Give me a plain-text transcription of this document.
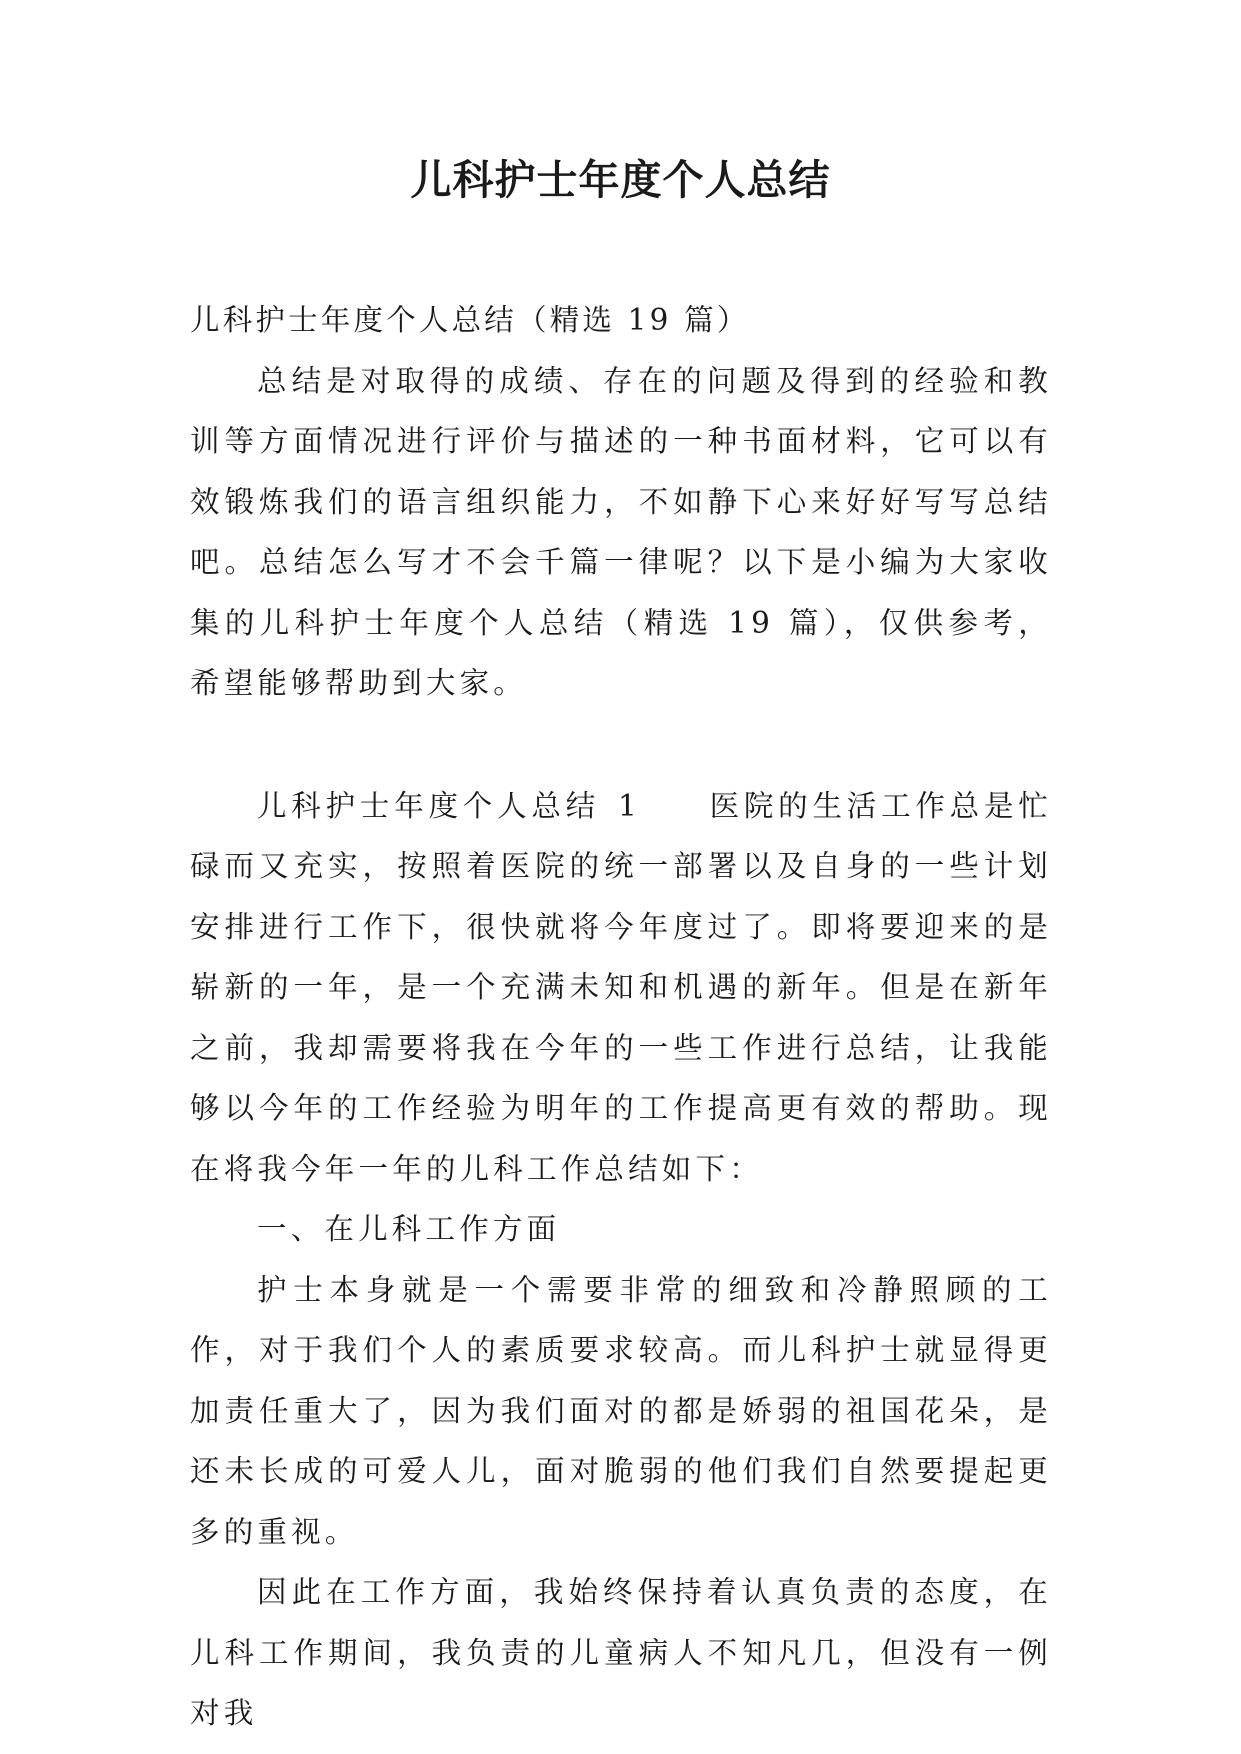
儿科护士年度个人总结

儿科护士年度个人总结（精选 19 篇）

总结是对取得的成绩、存在的问题及得到的经验和教训等方面情况进行评价与描述的一种书面材料，它可以有效锻炼我们的语言组织能力，不如静下心来好好写写总结吧。总结怎么写才不会千篇一律呢？以下是小编为大家收集的儿科护士年度个人总结（精选 19 篇），仅供参考，希望能够帮助到大家。

儿科护士年度个人总结 1 医院的生活工作总是忙碌而又充实，按照着医院的统一部署以及自身的一些计划安排进行工作下，很快就将今年度过了。即将要迎来的是崭新的一年，是一个充满未知和机遇的新年。但是在新年之前，我却需要将我在今年的一些工作进行总结，让我能够以今年的工作经验为明年的工作提高更有效的帮助。现在将我今年一年的儿科工作总结如下：

一、在儿科工作方面

护士本身就是一个需要非常的细致和冷静照顾的工作，对于我们个人的素质要求较高。而儿科护士就显得更加责任重大了，因为我们面对的都是娇弱的祖国花朵，是还未长成的可爱人儿，面对脆弱的他们我们自然要提起更多的重视。

因此在工作方面，我始终保持着认真负责的态度，在儿科工作期间，我负责的儿童病人不知凡几，但没有一例对我
